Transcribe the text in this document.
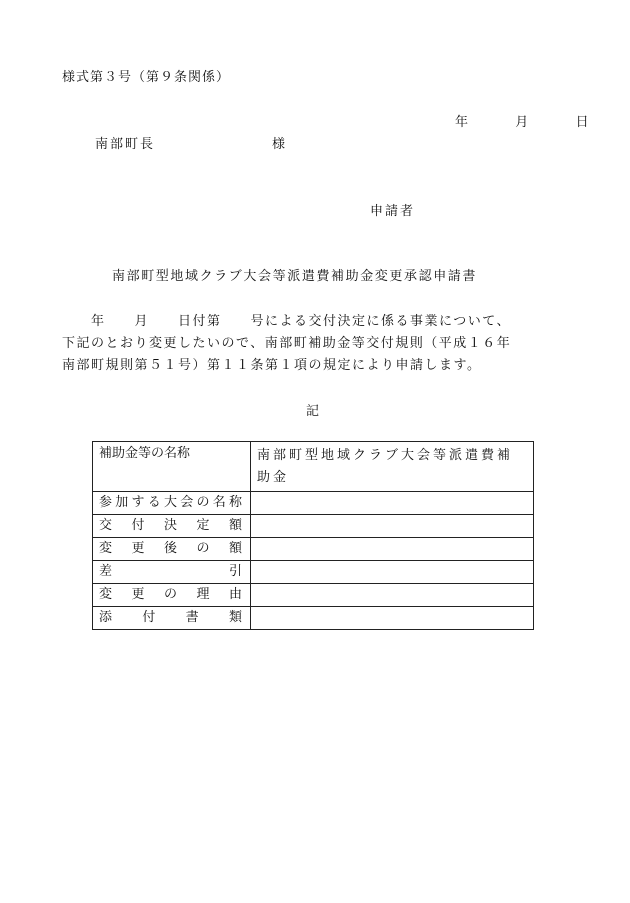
様式第３号（第９条関係）
年	月	日
南部町長	様
申請者
南部町型地域クラブ大会等派遣費補助金変更承認申請書
　　年　　月　　日付第　　号による交付決定に係る事業について、
下記のとおり変更したいので、南部町補助金等交付規則（平成１６年
南部町規則第５１号）第１１条第１項の規定により申請します。
記
補助金等の名称	南部町型地域クラブ大会等派遣費補助金
参加する大会の名称	
交付決定額	
変更後の額	
差引	
変更の理由	
添付書類	
